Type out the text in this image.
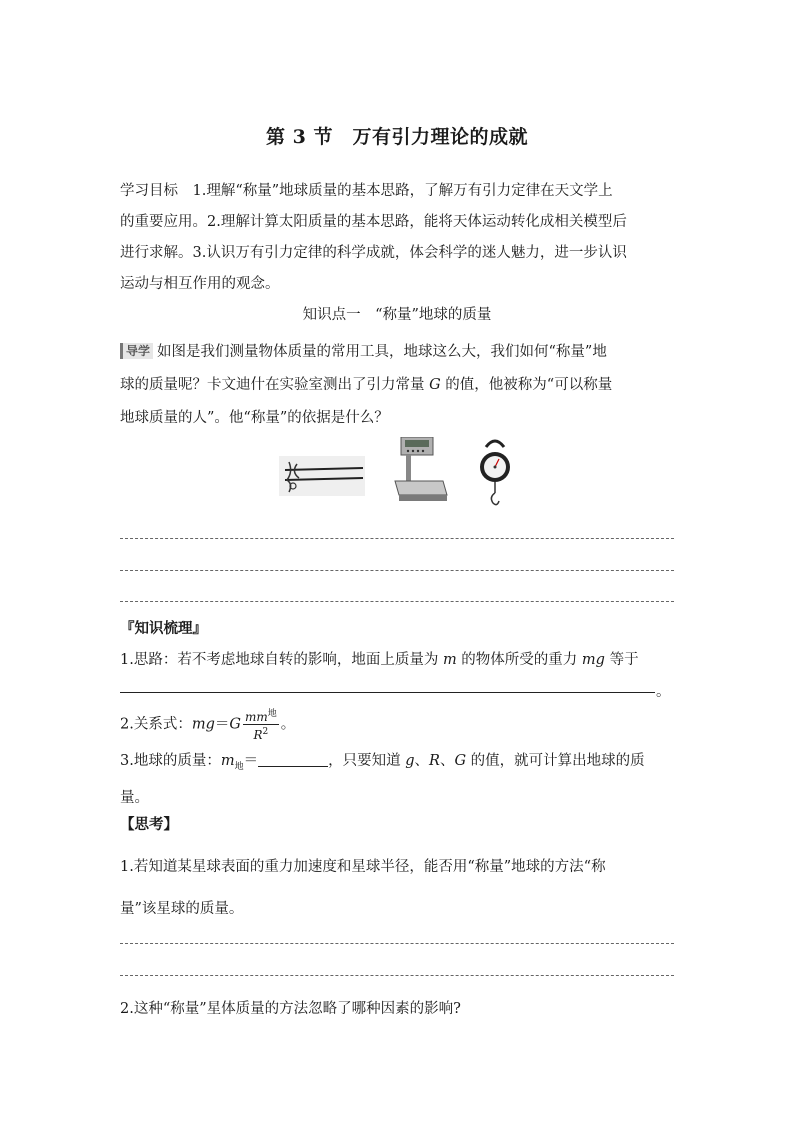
第 3 节　万有引力理论的成就
学习目标　 1.理解“称量”地球质量的基本思路，了解万有引力定律在天文学上
的重要应用。2.理解计算太阳质量的基本思路，能将天体运动转化成相关模型后
进行求解。3.认识万有引力定律的科学成就，体会科学的迷人魅力，进一步认识
运动与相互作用的观念。
知识点一　“称量”地球的质量
导学 如图是我们测量物体质量的常用工具，地球这么大，我们如何“称量”地
球的质量呢？卡文迪什在实验室测出了引力常量 G 的值，他被称为“可以称量
地球质量的人”。他“称量”的依据是什么？
『知识梳理』
1.思路：若不考虑地球自转的影响，地面上质量为 m 的物体所受的重力 mg 等于
。
2.关系式：$mg=G \frac{mm^地}{R^2}$ 。
3.地球的质量：$m_地=$	，只要知道 g、R、G 的值，就可计算出地球的质
量。
【思考】
1.若知道某星球表面的重力加速度和星球半径，能否用“称量”地球的方法“称
量”该星球的质量。
2.这种“称量”星体质量的方法忽略了哪种因素的影响?
